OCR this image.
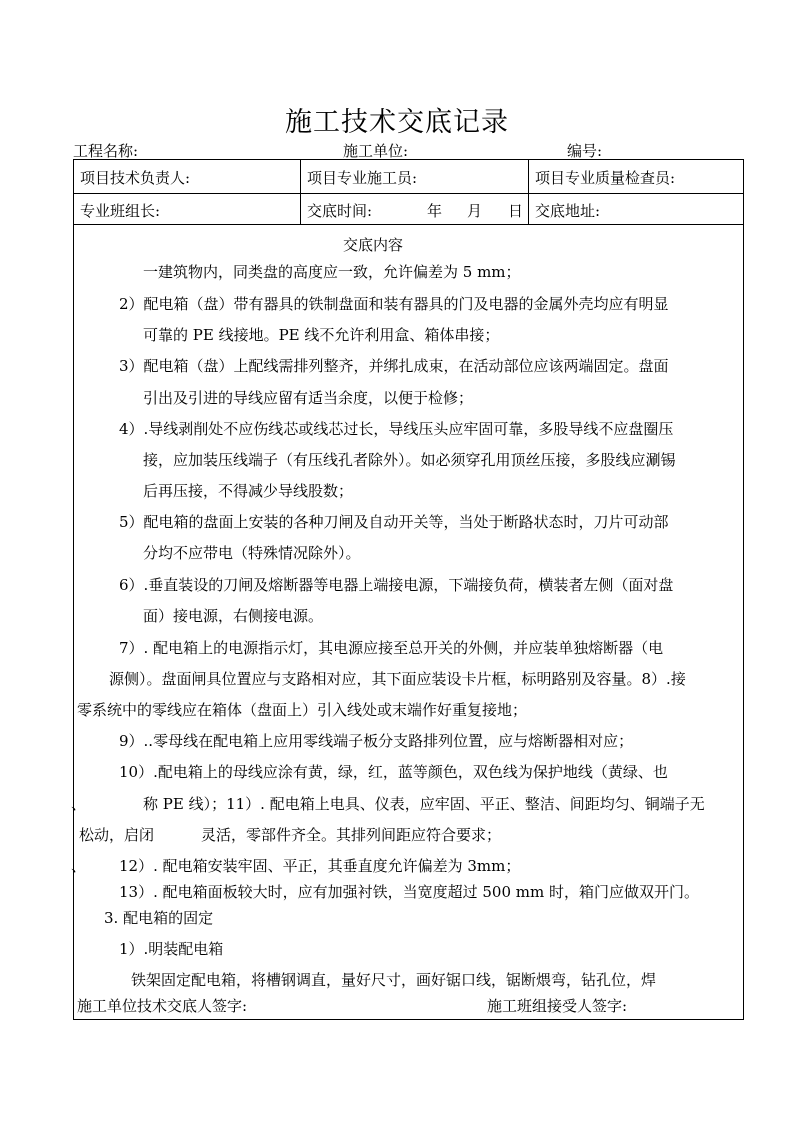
施工技术交底记录
工程名称:	施工单位:	编号:
项目技术负责人:	项目专业施工员:	项目专业质量检查员:
专业班组长:	交底时间:	年 月 日 交底地址:
交底内容
一建筑物内，同类盘的高度应一致，允许偏差为 5 mm；
2）配电箱（盘）带有器具的铁制盘面和装有器具的门及电器的金属外壳均应有明显
可靠的 PE 线接地。PE 线不允许利用盒、箱体串接；
3）配电箱（盘）上配线需排列整齐，并绑扎成束，在活动部位应该两端固定。盘面
引出及引进的导线应留有适当余度，以便于检修；
4）.导线剥削处不应伤线芯或线芯过长，导线压头应牢固可靠，多股导线不应盘圈压
接，应加装压线端子（有压线孔者除外）。如必须穿孔用顶丝压接，多股线应涮锡
后再压接，不得减少导线股数；
5）配电箱的盘面上安装的各种刀闸及自动开关等，当处于断路状态时，刀片可动部
分均不应带电（特殊情况除外）。
6）.垂直装设的刀闸及熔断器等电器上端接电源，下端接负荷，横装者左侧（面对盘
面）接电源，右侧接电源。
7）. 配电箱上的电源指示灯，其电源应接至总开关的外侧，并应装单独熔断器（电
源侧）。盘面闸具位置应与支路相对应，其下面应装设卡片框，标明路别及容量。8）.接
零系统中的零线应在箱体（盘面上）引入线处或末端作好重复接地；
9）..零母线在配电箱上应用零线端子板分支路排列位置，应与熔断器相对应；
10）.配电箱上的母线应涂有黄，绿，红，蓝等颜色，双色线为保护地线（黄绿、也
、	称 PE 线）；11）. 配电箱上电具、仪表，应牢固、平正、整洁、间距均匀、铜端子无
松动，启闭	灵活，零部件齐全。其排列间距应符合要求；
、 12）. 配电箱安装牢固、平正，其垂直度允许偏差为 3mm；
13）. 配电箱面板较大时，应有加强衬铁，当宽度超过 500 mm 时，箱门应做双开门。
3. 配电箱的固定
1）.明装配电箱
铁架固定配电箱，将槽钢调直，量好尺寸，画好锯口线，锯断煨弯，钻孔位，焊
施工单位技术交底人签字:	施工班组接受人签字:
